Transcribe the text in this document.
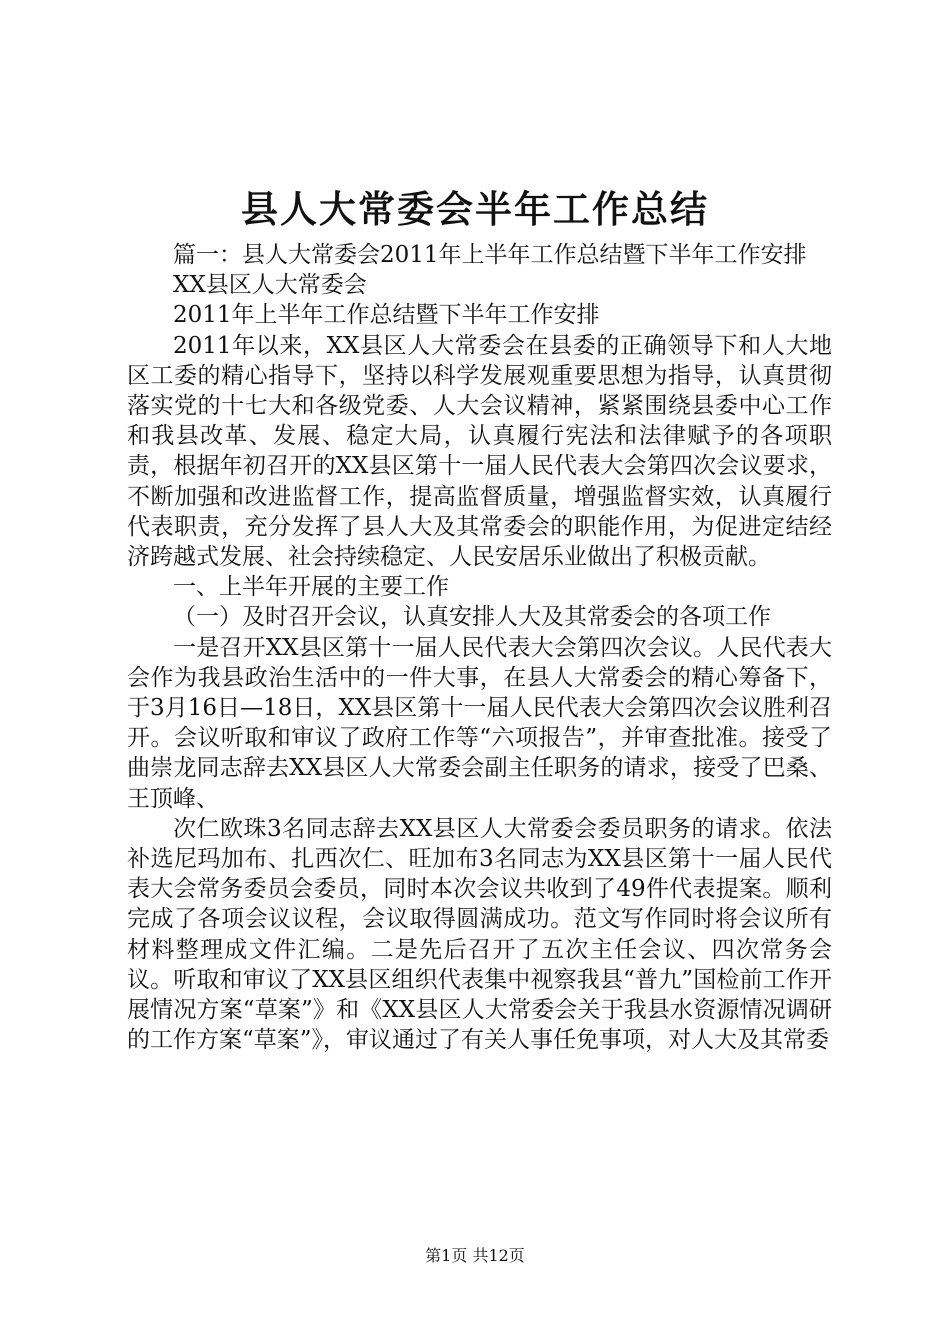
县人大常委会半年工作总结

篇一：县人大常委会2011年上半年工作总结暨下半年工作安排

XX县区人大常委会

2011年上半年工作总结暨下半年工作安排

2011年以来，XX县区人大常委会在县委的正确领导下和人大地区工委的精心指导下，坚持以科学发展观重要思想为指导，认真贯彻落实党的十七大和各级党委、人大会议精神，紧紧围绕县委中心工作和我县改革、发展、稳定大局，认真履行宪法和法律赋予的各项职责，根据年初召开的XX县区第十一届人民代表大会第四次会议要求，不断加强和改进监督工作，提高监督质量，增强监督实效，认真履行代表职责，充分发挥了县人大及其常委会的职能作用，为促进定结经济跨越式发展、社会持续稳定、人民安居乐业做出了积极贡献。

一、上半年开展的主要工作

（一）及时召开会议，认真安排人大及其常委会的各项工作

一是召开XX县区第十一届人民代表大会第四次会议。人民代表大会作为我县政治生活中的一件大事，在县人大常委会的精心筹备下，于3月16日—18日，XX县区第十一届人民代表大会第四次会议胜利召开。会议听取和审议了政府工作等“六项报告”，并审查批准。接受了曲崇龙同志辞去XX县区人大常委会副主任职务的请求，接受了巴桑、王顶峰、

次仁欧珠3名同志辞去XX县区人大常委会委员职务的请求。依法补选尼玛加布、扎西次仁、旺加布3名同志为XX县区第十一届人民代表大会常务委员会委员，同时本次会议共收到了49件代表提案。顺利完成了各项会议议程，会议取得圆满成功。范文写作同时将会议所有材料整理成文件汇编。二是先后召开了五次主任会议、四次常务会议。听取和审议了XX县区组织代表集中视察我县“普九”国检前工作开展情况方案“草案”》和《XX县区人大常委会关于我县水资源情况调研的工作方案“草案”》，审议通过了有关人事任免事项，对人大及其常委

第1页 共12页
